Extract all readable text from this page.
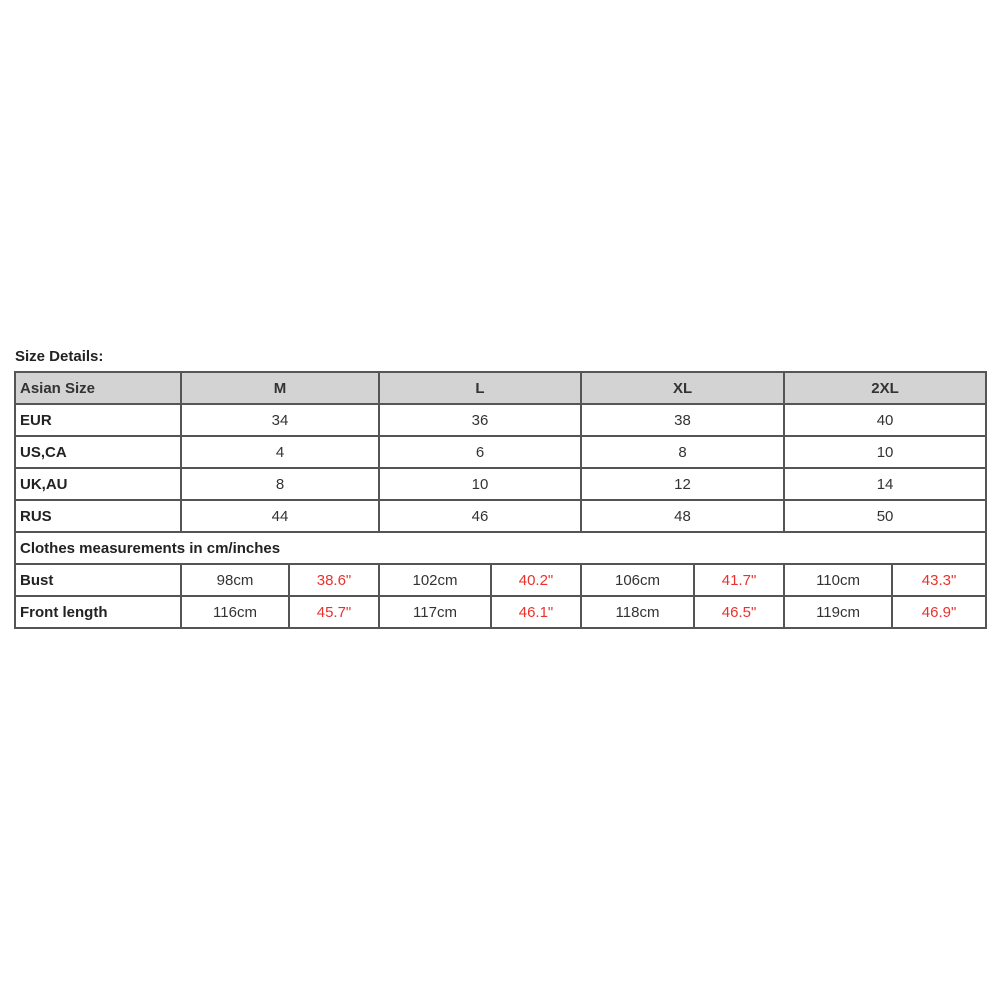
Size Details:
Asian Size	M		L		XL		2XL	
EUR	34		36		38		40	
US,CA	4		6		8		10	
UK,AU	8		10		12		14	
RUS	44		46		48		50	
Clothes measurements in cm/inches								
Bust	98cm	38.6"	102cm	40.2"	106cm	41.7"	110cm	43.3"
Front length	116cm	45.7"	117cm	46.1"	118cm	46.5"	119cm	46.9"
